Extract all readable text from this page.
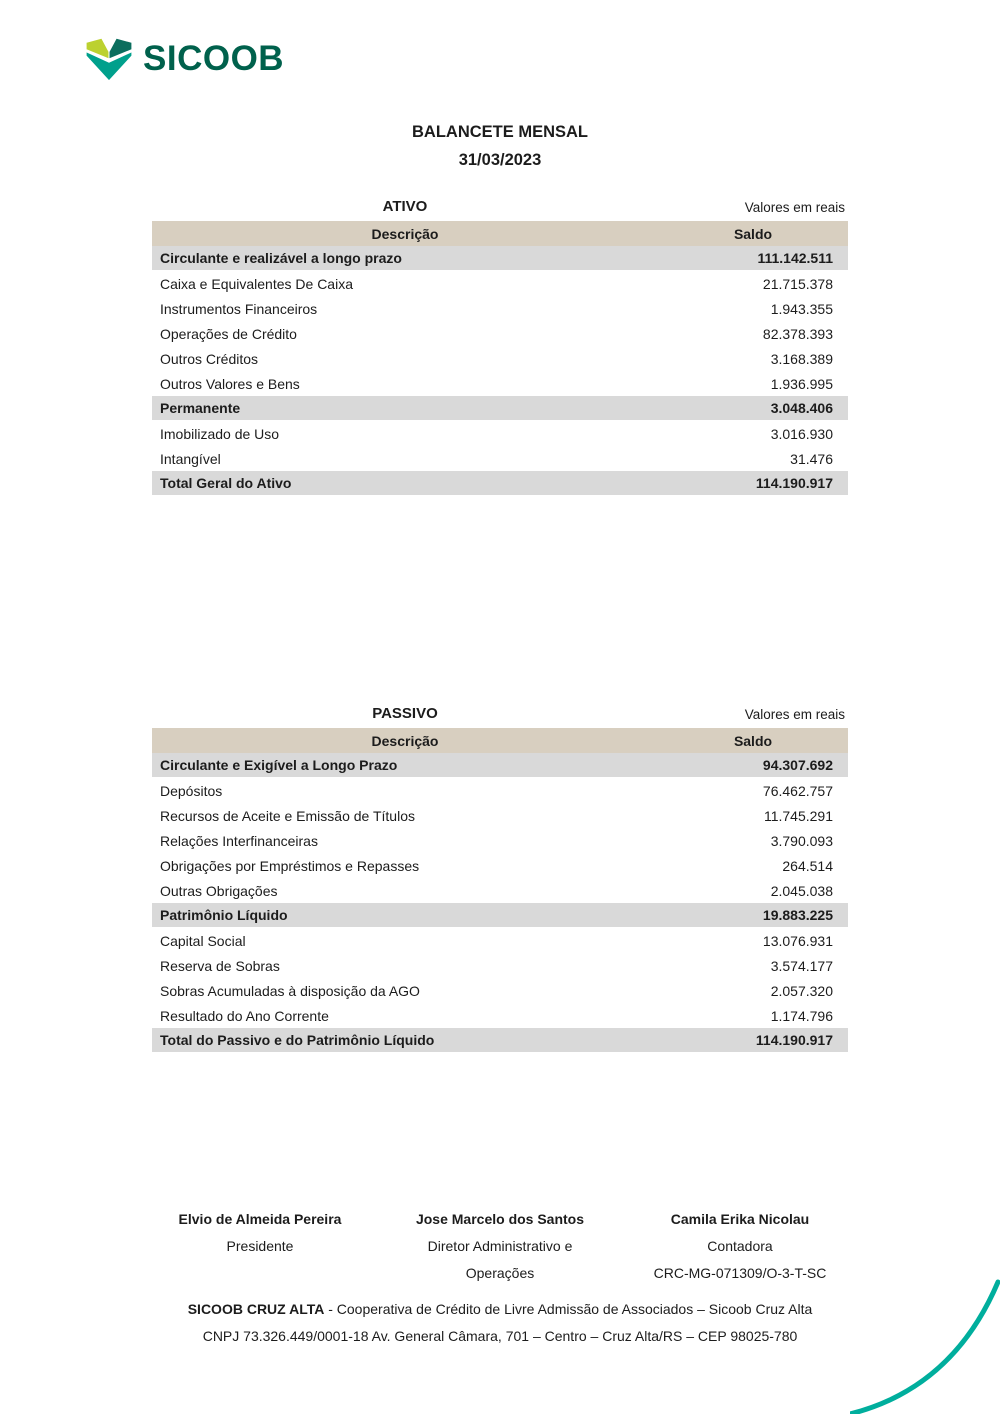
SICOOB
BALANCETE MENSAL
31/03/2023
ATIVO	Valores em reais
Descrição	Saldo
Circulante e realizável a longo prazo	111.142.511
Caixa e Equivalentes De Caixa	21.715.378
Instrumentos Financeiros	1.943.355
Operações de Crédito	82.378.393
Outros Créditos	3.168.389
Outros Valores e Bens	1.936.995
Permanente	3.048.406
Imobilizado de Uso	3.016.930
Intangível	31.476
Total Geral do Ativo	114.190.917
PASSIVO	Valores em reais
Descrição	Saldo
Circulante e Exigível a Longo Prazo	94.307.692
Depósitos	76.462.757
Recursos de Aceite e Emissão de Títulos	11.745.291
Relações Interfinanceiras	3.790.093
Obrigações por Empréstimos e Repasses	264.514
Outras Obrigações	2.045.038
Patrimônio Líquido	19.883.225
Capital Social	13.076.931
Reserva de Sobras	3.574.177
Sobras Acumuladas à disposição da AGO	2.057.320
Resultado do Ano Corrente	1.174.796
Total do Passivo e do Patrimônio Líquido	114.190.917
Elvio de Almeida Pereira
Presidente
Jose Marcelo dos Santos
Diretor Administrativo e
Operações
Camila Erika Nicolau
Contadora
CRC-MG-071309/O-3-T-SC
SICOOB CRUZ ALTA - Cooperativa de Crédito de Livre Admissão de Associados – Sicoob Cruz Alta
CNPJ 73.326.449/0001-18 Av. General Câmara, 701 – Centro – Cruz Alta/RS – CEP 98025-780
